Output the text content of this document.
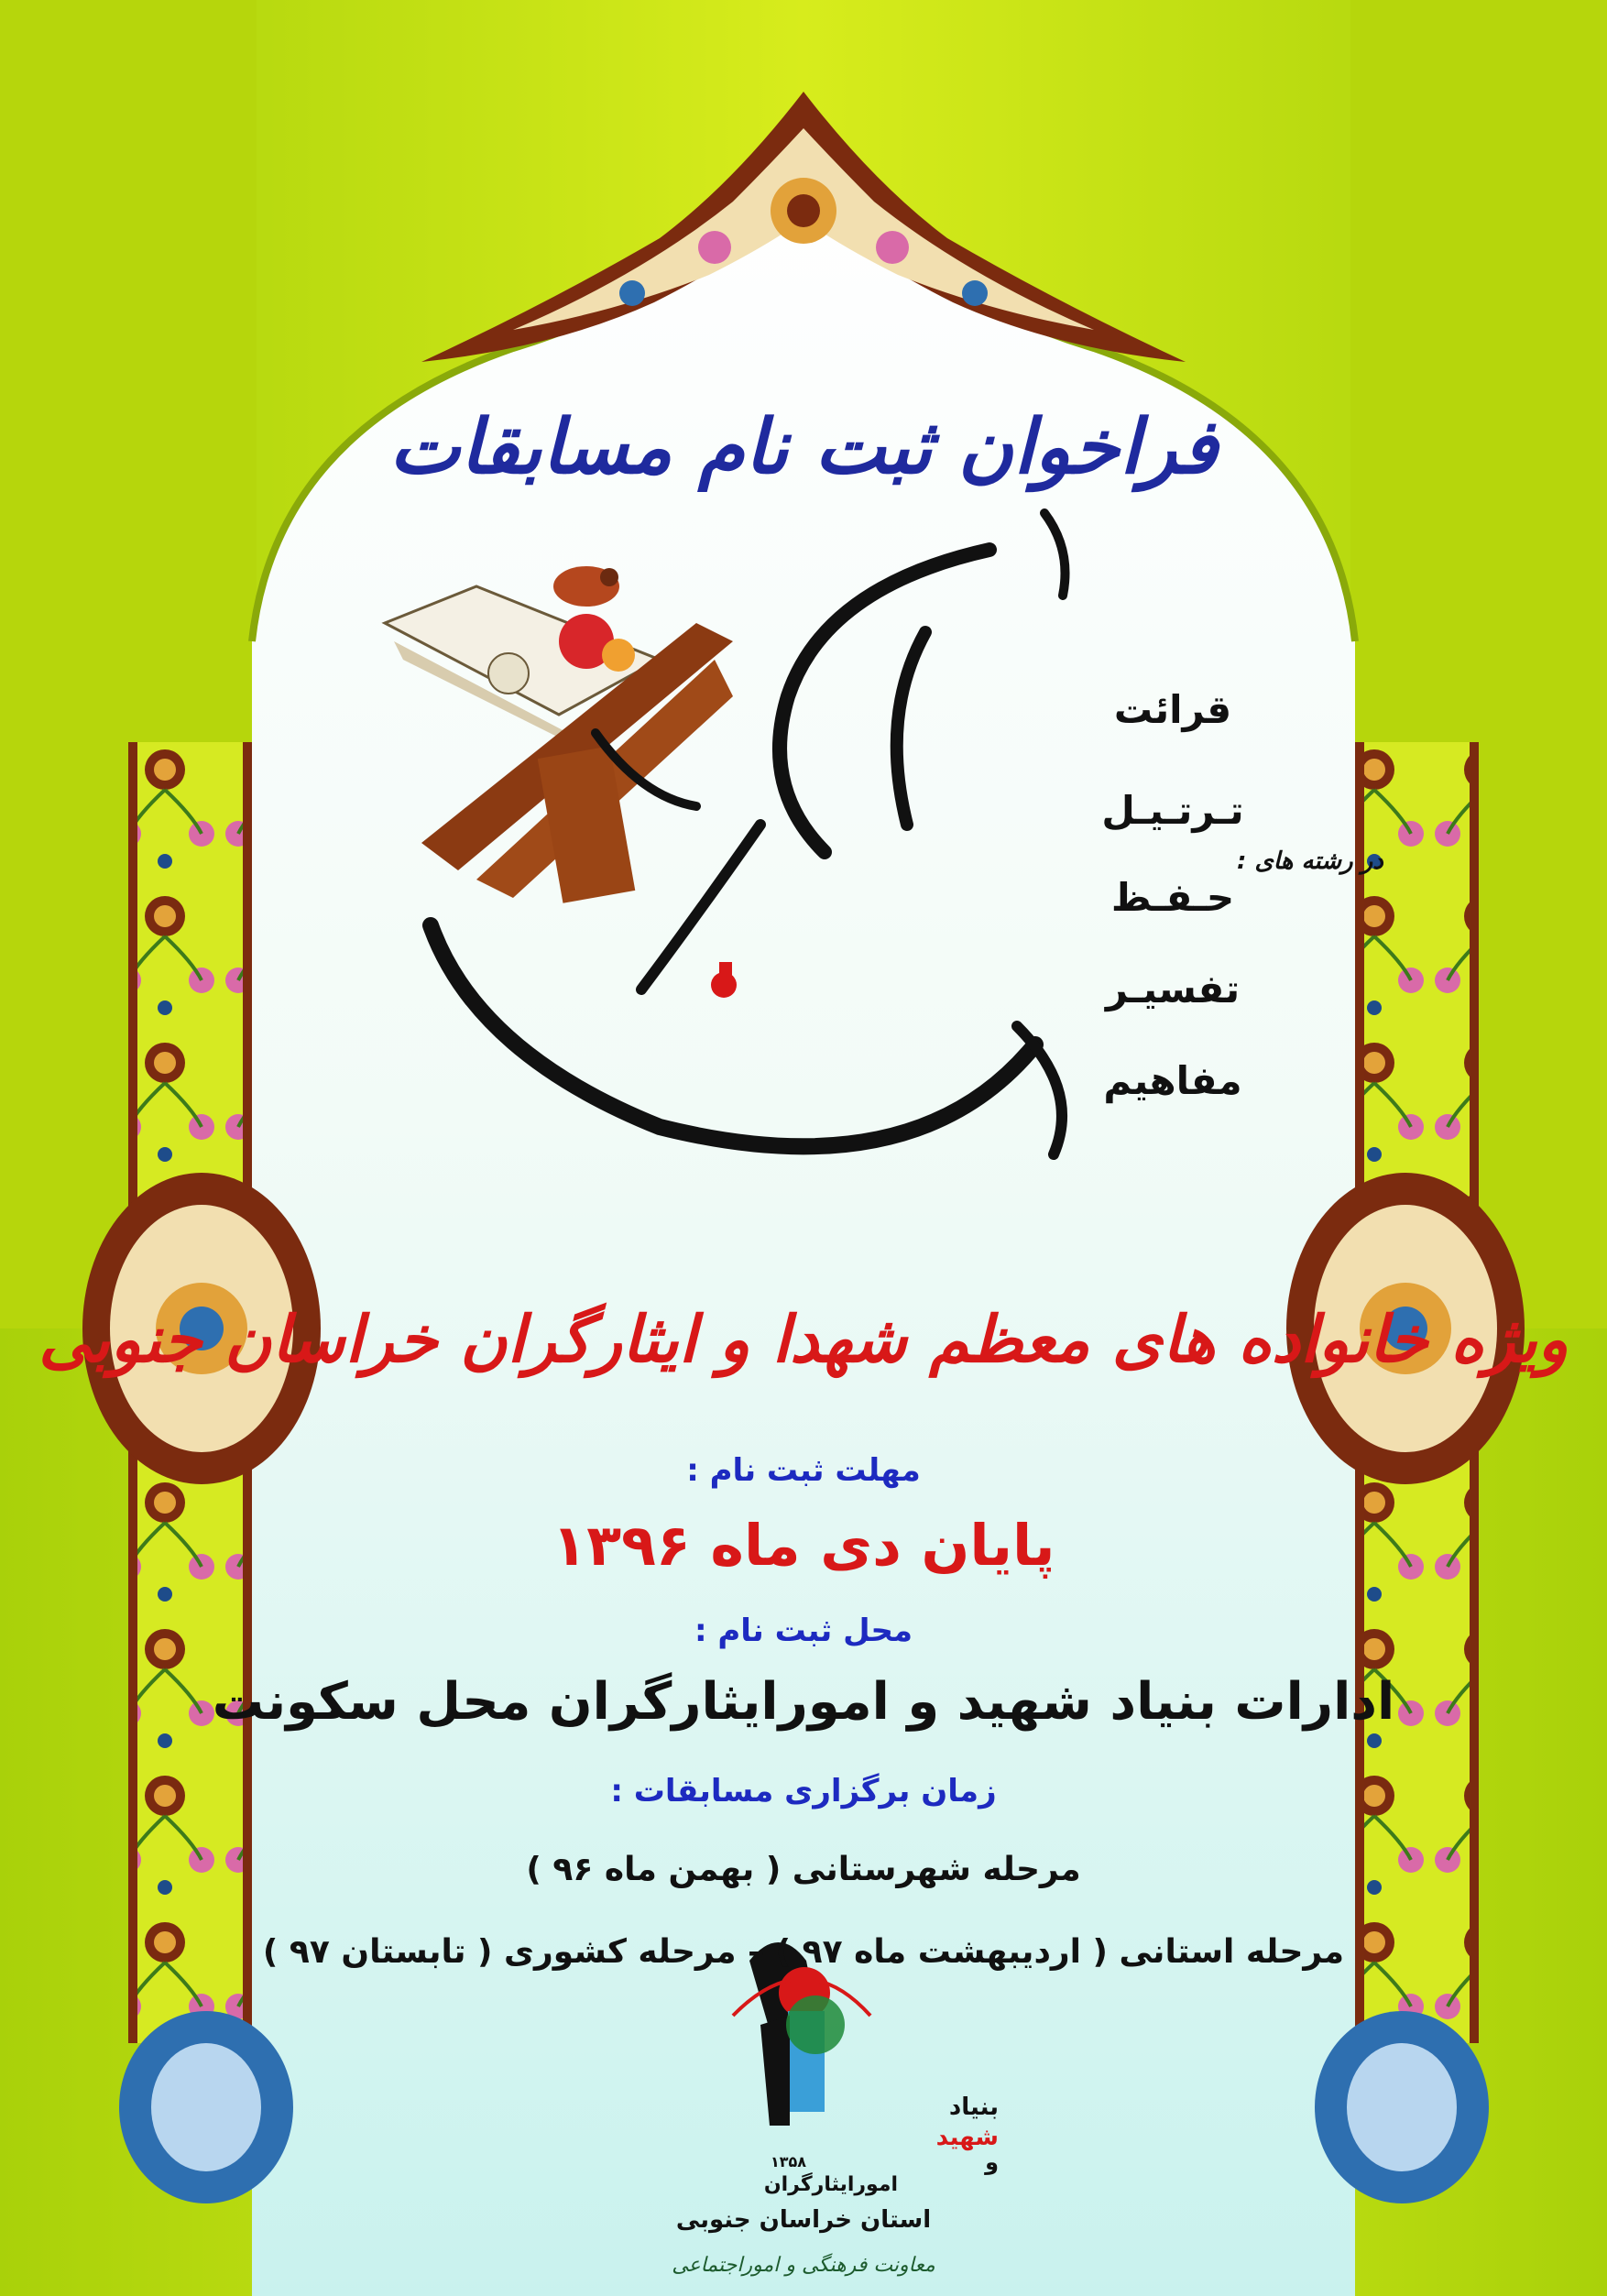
فراخوان ثبت نام مسابقات
در رشته های :
قرائت
تـرتـیـل
حـفـظ
تفسیـر
مفاهیم
ویژه خانواده های معظم شهدا و ایثارگران خراسان جنوبی
مهلت ثبت نام :
پایان دی ماه ۱۳۹۶
محل ثبت نام :
ادارات بنیاد شهید و امورایثارگران محل سکونت
زمان برگزاری مسابقات :
مرحله شهرستانی ( بهمن ماه ۹۶ )
مرحله استانی ( اردیبهشت ماه ۹۷ ) – مرحله کشوری ( تابستان ۹۷ )
بنیاد
شهید
و
امورایثارگران
۱۳۵۸
استان خراسان جنوبی
معاونت فرهنگی و اموراجتماعی
